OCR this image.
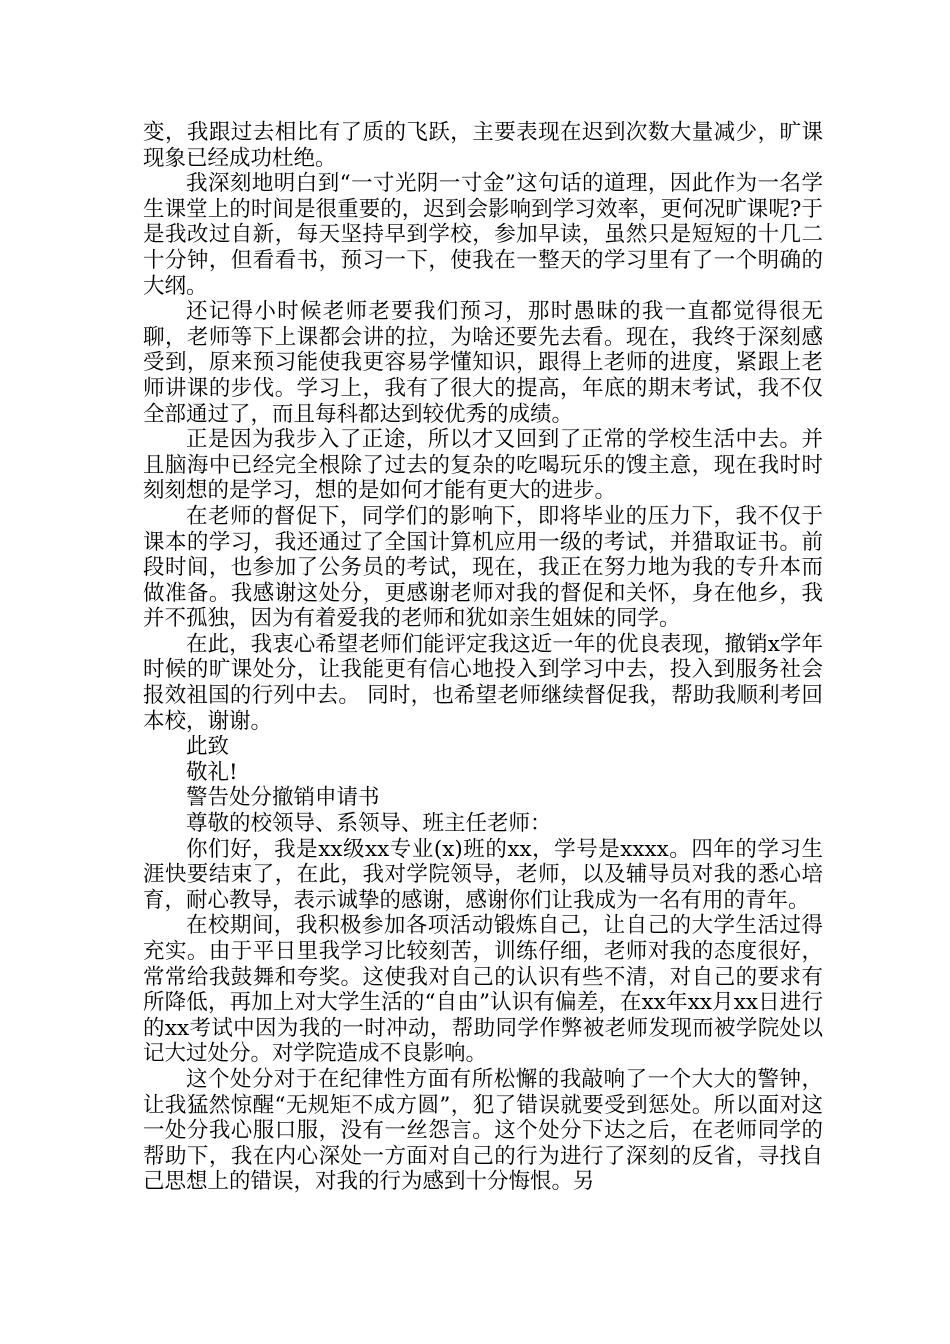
变，我跟过去相比有了质的飞跃，主要表现在迟到次数大量减少，旷课现象已经成功杜绝。

我深刻地明白到“一寸光阴一寸金”这句话的道理，因此作为一名学生课堂上的时间是很重要的，迟到会影响到学习效率，更何况旷课呢?于是我改过自新，每天坚持早到学校，参加早读，虽然只是短短的十几二十分钟，但看看书，预习一下，使我在一整天的学习里有了一个明确的大纲。

还记得小时候老师老要我们预习，那时愚昧的我一直都觉得很无聊，老师等下上课都会讲的拉，为啥还要先去看。现在，我终于深刻感受到，原来预习能使我更容易学懂知识，跟得上老师的进度，紧跟上老师讲课的步伐。学习上，我有了很大的提高，年底的期末考试，我不仅全部通过了，而且每科都达到较优秀的成绩。

正是因为我步入了正途，所以才又回到了正常的学校生活中去。并且脑海中已经完全根除了过去的复杂的吃喝玩乐的馊主意，现在我时时刻刻想的是学习，想的是如何才能有更大的进步。

在老师的督促下，同学们的影响下，即将毕业的压力下，我不仅于课本的学习，我还通过了全国计算机应用一级的考试，并猎取证书。前段时间，也参加了公务员的考试，现在，我正在努力地为我的专升本而做准备。我感谢这处分，更感谢老师对我的督促和关怀，身在他乡，我并不孤独，因为有着爱我的老师和犹如亲生姐妹的同学。

在此，我衷心希望老师们能评定我这近一年的优良表现，撤销x学年时候的旷课处分，让我能更有信心地投入到学习中去，投入到服务社会报效祖国的行列中去。 同时，也希望老师继续督促我，帮助我顺利考回本校，谢谢。

此致

敬礼!

警告处分撤销申请书

尊敬的校领导、系领导、班主任老师：

你们好，我是xx级xx专业(x)班的xx，学号是xxxx。四年的学习生涯快要结束了，在此，我对学院领导，老师，以及辅导员对我的悉心培育，耐心教导，表示诚挚的感谢，感谢你们让我成为一名有用的青年。

在校期间，我积极参加各项活动锻炼自己，让自己的大学生活过得充实。由于平日里我学习比较刻苦，训练仔细，老师对我的态度很好，常常给我鼓舞和夸奖。这使我对自己的认识有些不清，对自己的要求有所降低，再加上对大学生活的“自由”认识有偏差，在xx年xx月xx日进行的xx考试中因为我的一时冲动，帮助同学作弊被老师发现而被学院处以记大过处分。对学院造成不良影响。

这个处分对于在纪律性方面有所松懈的我敲响了一个大大的警钟，让我猛然惊醒“无规矩不成方圆”，犯了错误就要受到惩处。所以面对这一处分我心服口服，没有一丝怨言。这个处分下达之后，在老师同学的帮助下，我在内心深处一方面对自己的行为进行了深刻的反省，寻找自己思想上的错误，对我的行为感到十分悔恨。另
